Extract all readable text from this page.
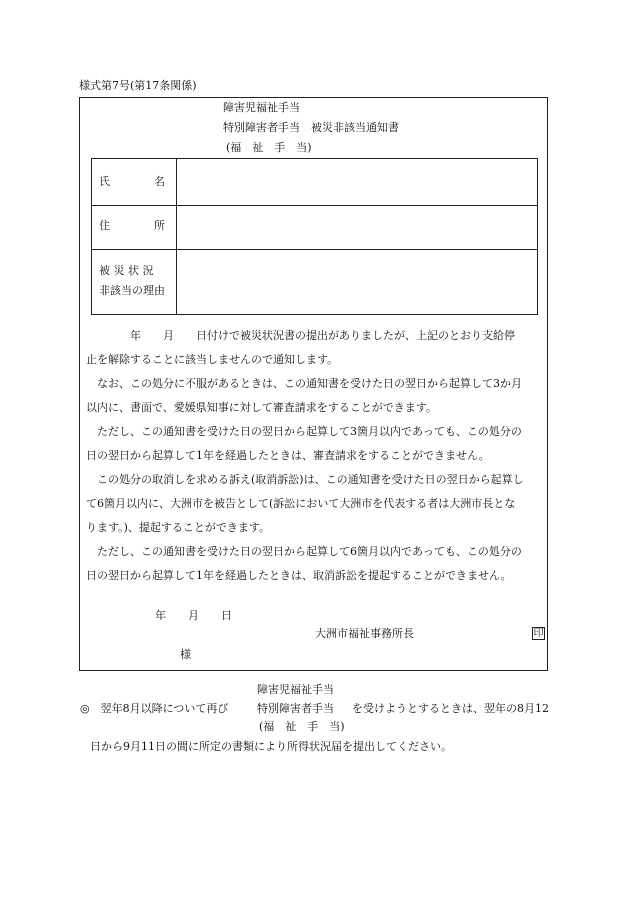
様式第7号(第17条関係)
障害児福祉手当
特別障害者手当　被災非該当通知書
(福　祉　手　当)
氏　　　　名
住　　　　所
被 災 状 況
非該当の理由
　　　　年　　月　　日付けで被災状況書の提出がありましたが、上記のとおり支給停
止を解除することに該当しませんので通知します。
　なお、この処分に不服があるときは、この通知書を受けた日の翌日から起算して3か月
以内に、書面で、愛媛県知事に対して審査請求をすることができます。
　ただし、この通知書を受けた日の翌日から起算して3箇月以内であっても、この処分の
日の翌日から起算して1年を経過したときは、審査請求をすることができません。
　この処分の取消しを求める訴え(取消訴訟)は、この通知書を受けた日の翌日から起算し
て6箇月以内に、大洲市を被告として(訴訟において大洲市を代表する者は大洲市長とな
ります。)、提起することができます。
　ただし、この通知書を受けた日の翌日から起算して6箇月以内であっても、この処分の
日の翌日から起算して1年を経過したときは、取消訴訟を提起することができません。
年　　月　　日
大洲市福祉事務所長	印
様
障害児福祉手当
◎　翌年8月以降について再び	特別障害者手当 を受けようとするときは、翌年の8月12
(福　祉　手　当)
日から9月11日の間に所定の書類により所得状況届を提出してください。
